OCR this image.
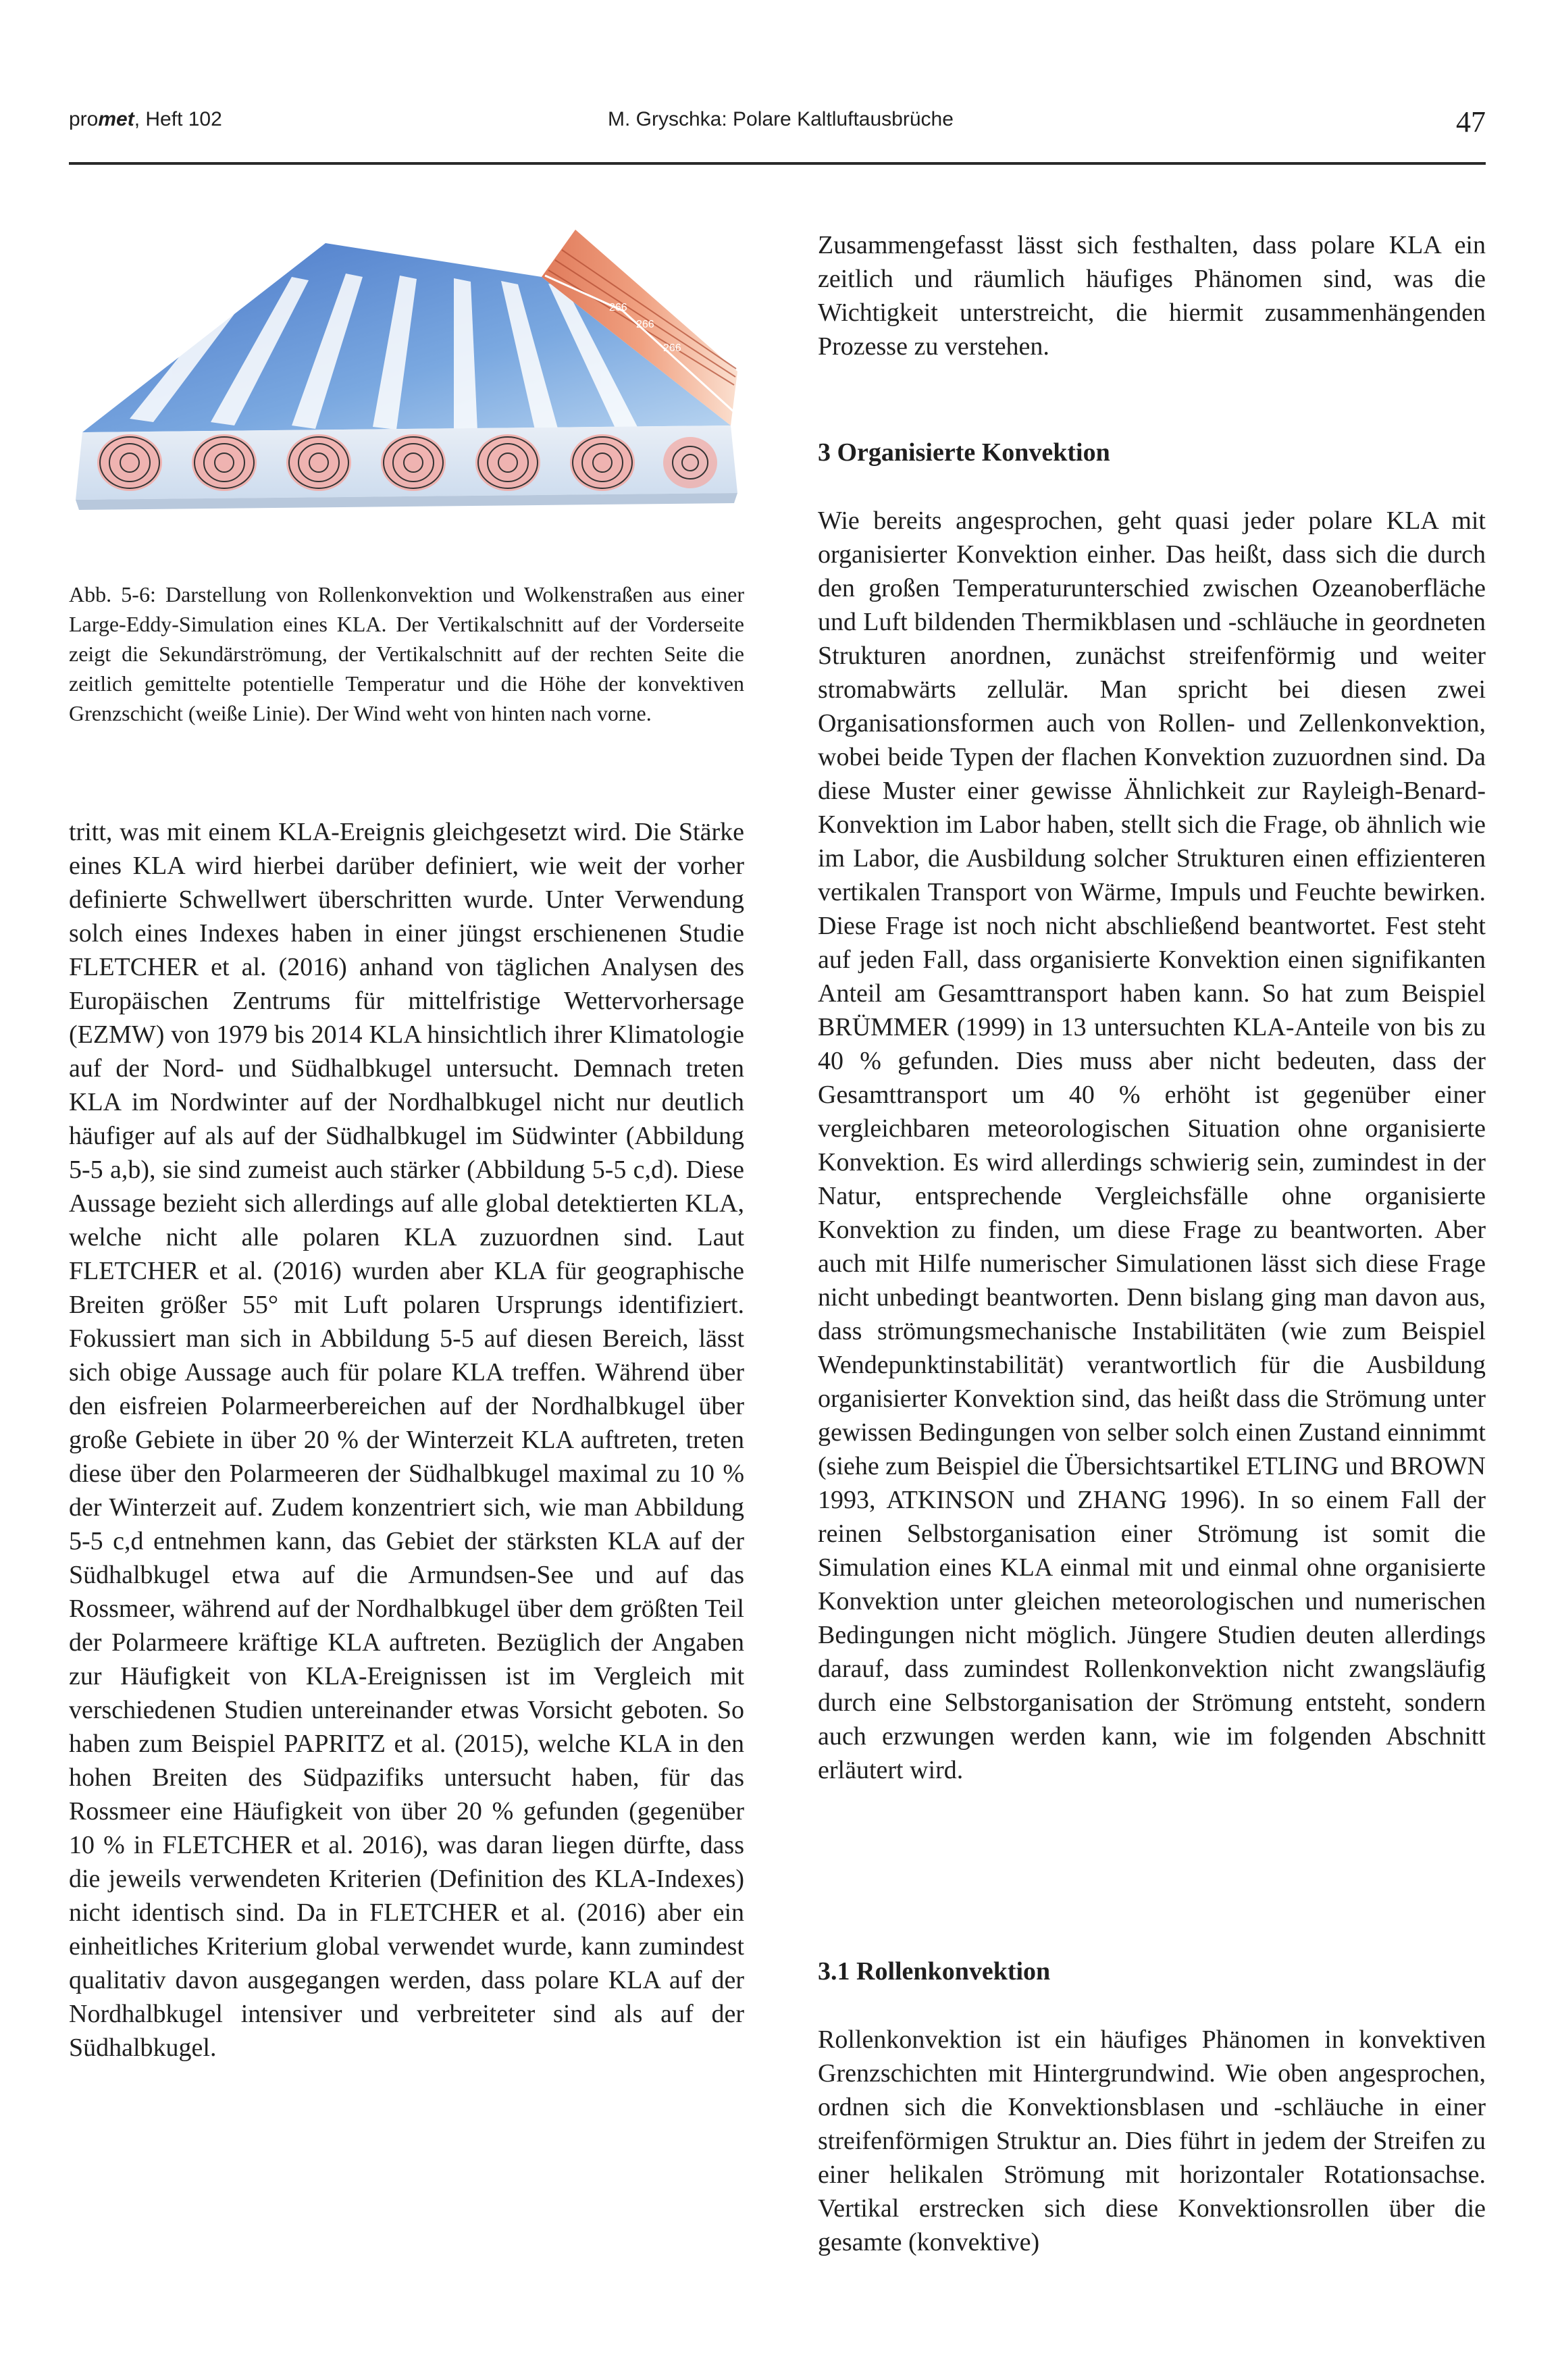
promet, Heft 102	M. Gryschka: Polare Kaltluftausbrüche	47
266
266
266
Abb. 5-6: Darstellung von Rollenkonvektion und Wolkenstraßen aus einer Large-Eddy-Simulation eines KLA. Der Vertikalschnitt auf der Vorderseite zeigt die Sekundärströmung, der Vertikalschnitt auf der rechten Seite die zeitlich gemittelte potentielle Temperatur und die Höhe der konvektiven Grenzschicht (weiße Linie). Der Wind weht von hinten nach vorne.
tritt, was mit einem KLA-Ereignis gleichgesetzt wird. Die Stärke eines KLA wird hierbei darüber definiert, wie weit der vorher definierte Schwellwert überschritten wurde. Unter Verwendung solch eines Indexes haben in einer jüngst erschienenen Studie FLETCHER et al. (2016) anhand von täglichen Analysen des Europäischen Zentrums für mittelfristige Wettervorhersage (EZMW) von 1979 bis 2014 KLA hinsichtlich ihrer Klimatologie auf der Nord- und Südhalbkugel untersucht. Demnach treten KLA im Nordwinter auf der Nordhalbkugel nicht nur deutlich häufiger auf als auf der Südhalbkugel im Südwinter (Abbildung 5-5 a,b), sie sind zumeist auch stärker (Abbildung 5-5 c,d). Diese Aussage bezieht sich allerdings auf alle global detektierten KLA, welche nicht alle polaren KLA zuzuordnen sind. Laut FLETCHER et al. (2016) wurden aber KLA für geographische Breiten größer 55° mit Luft polaren Ursprungs identifiziert. Fokussiert man sich in Abbildung 5-5 auf diesen Bereich, lässt sich obige Aussage auch für polare KLA treffen. Während über den eisfreien Polarmeerbereichen auf der Nordhalbkugel über große Gebiete in über 20 % der Winterzeit KLA auftreten, treten diese über den Polarmeeren der Südhalbkugel maximal zu 10 % der Winterzeit auf. Zudem konzentriert sich, wie man Abbildung 5-5 c,d entnehmen kann, das Gebiet der stärksten KLA auf der Südhalbkugel etwa auf die Armundsen-See und auf das Rossmeer, während auf der Nordhalbkugel über dem größten Teil der Polarmeere kräftige KLA auftreten. Bezüglich der Angaben zur Häufigkeit von KLA-Ereignissen ist im Vergleich mit verschiedenen Studien untereinander etwas Vorsicht geboten. So haben zum Beispiel PAPRITZ et al. (2015), welche KLA in den hohen Breiten des Südpazifiks untersucht haben, für das Rossmeer eine Häufigkeit von über 20 % gefunden (gegenüber 10 % in FLETCHER et al. 2016), was daran liegen dürfte, dass die jeweils verwendeten Kriterien (Definition des KLA-Indexes) nicht identisch sind. Da in FLETCHER et al. (2016) aber ein einheitliches Kriterium global verwendet wurde, kann zumindest qualitativ davon ausgegangen werden, dass polare KLA auf der Nordhalbkugel intensiver und verbreiteter sind als auf der Südhalbkugel.
Zusammengefasst lässt sich festhalten, dass polare KLA ein zeitlich und räumlich häufiges Phänomen sind, was die Wichtigkeit unterstreicht, die hiermit zusammenhängenden Prozesse zu verstehen.
3 Organisierte Konvektion
Wie bereits angesprochen, geht quasi jeder polare KLA mit organisierter Konvektion einher. Das heißt, dass sich die durch den großen Temperaturunterschied zwischen Ozeanoberfläche und Luft bildenden Thermikblasen und -schläuche in geordneten Strukturen anordnen, zunächst streifenförmig und weiter stromabwärts zellulär. Man spricht bei diesen zwei Organisationsformen auch von Rollen- und Zellenkonvektion, wobei beide Typen der flachen Konvektion zuzuordnen sind. Da diese Muster einer gewisse Ähnlichkeit zur Rayleigh-Benard-Konvektion im Labor haben, stellt sich die Frage, ob ähnlich wie im Labor, die Ausbildung solcher Strukturen einen effizienteren vertikalen Transport von Wärme, Impuls und Feuchte bewirken. Diese Frage ist noch nicht abschließend beantwortet. Fest steht auf jeden Fall, dass organisierte Konvektion einen signifikanten Anteil am Gesamttransport haben kann. So hat zum Beispiel BRÜMMER (1999) in 13 untersuchten KLA-Anteile von bis zu 40 % gefunden. Dies muss aber nicht bedeuten, dass der Gesamttransport um 40 % erhöht ist gegenüber einer vergleichbaren meteorologischen Situation ohne organisierte Konvektion. Es wird allerdings schwierig sein, zumindest in der Natur, entsprechende Vergleichsfälle ohne organisierte Konvektion zu finden, um diese Frage zu beantworten. Aber auch mit Hilfe numerischer Simulationen lässt sich diese Frage nicht unbedingt beantworten. Denn bislang ging man davon aus, dass strömungsmechanische Instabilitäten (wie zum Beispiel Wendepunktinstabilität) verantwortlich für die Ausbildung organisierter Konvektion sind, das heißt dass die Strömung unter gewissen Bedingungen von selber solch einen Zustand einnimmt (siehe zum Beispiel die Übersichtsartikel ETLING und BROWN 1993, ATKINSON und ZHANG 1996). In so einem Fall der reinen Selbstorganisation einer Strömung ist somit die Simulation eines KLA einmal mit und einmal ohne organisierte Konvektion unter gleichen meteorologischen und numerischen Bedingungen nicht möglich. Jüngere Studien deuten allerdings darauf, dass zumindest Rollenkonvektion nicht zwangsläufig durch eine Selbstorganisation der Strömung entsteht, sondern auch erzwungen werden kann, wie im folgenden Abschnitt erläutert wird.
3.1 Rollenkonvektion
Rollenkonvektion ist ein häufiges Phänomen in konvektiven Grenzschichten mit Hintergrundwind. Wie oben angesprochen, ordnen sich die Konvektionsblasen und -schläuche in einer streifenförmigen Struktur an. Dies führt in jedem der Streifen zu einer helikalen Strömung mit horizontaler Rotationsachse. Vertikal erstrecken sich diese Konvektionsrollen über die gesamte (konvektive)
